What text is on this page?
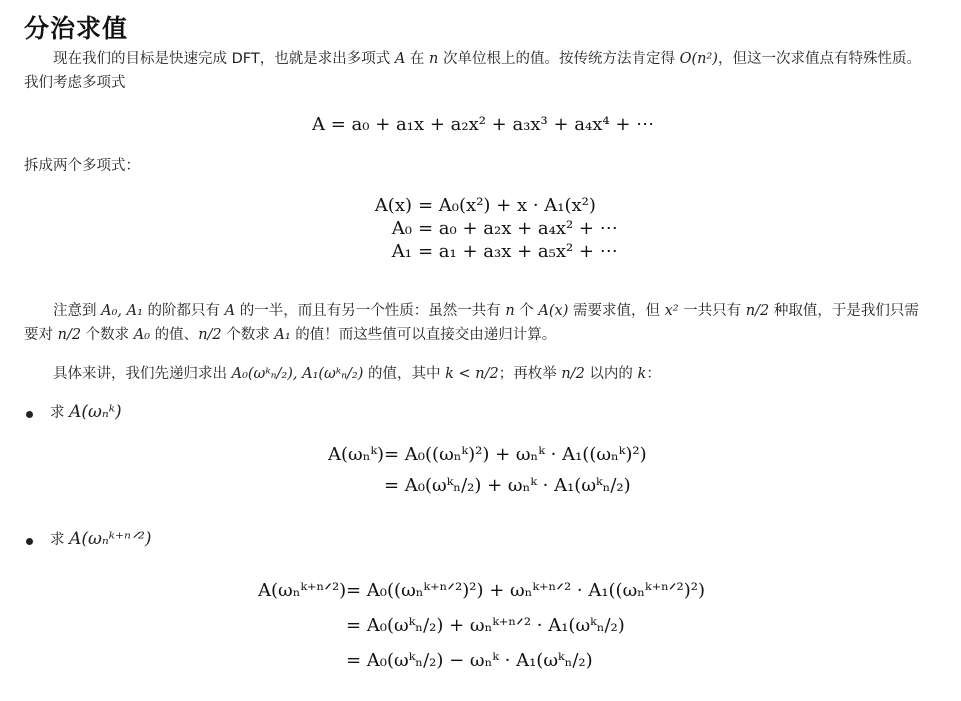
分治求值
现在我们的目标是快速完成 DFT，也就是求出多项式 A 在 n 次单位根上的值。按传统方法肯定得 O(n²)，但这一次求值点有特殊性质。我们考虑多项式
A = a₀ + a₁x + a₂x² + a₃x³ + a₄x⁴ + ⋯
拆成两个多项式：
A(x) = A₀(x²) + x · A₁(x²)
A₀ = a₀ + a₂x + a₄x² + ⋯
A₁ = a₁ + a₃x + a₅x² + ⋯
注意到 A₀, A₁ 的阶都只有 A 的一半，而且有另一个性质：虽然一共有 n 个 A(x) 需要求值，但 x² 一共只有 n/2 种取值，于是我们只需要对 n/2 个数求 A₀ 的值、n/2 个数求 A₁ 的值！而这些值可以直接交由递归计算。
具体来讲，我们先递归求出 A₀(ωᵏₙ/₂), A₁(ωᵏₙ/₂) 的值，其中 k < n/2；再枚举 n/2 以内的 k：
求 A(ωₙᵏ)
A(ωₙᵏ) = A₀((ωₙᵏ)²) + ωₙᵏ · A₁((ωₙᵏ)²)
= A₀(ωᵏₙ/₂) + ωₙᵏ · A₁(ωᵏₙ/₂)
求 A(ωₙᵏ⁺ⁿᐟ²)
A(ωₙᵏ⁺ⁿᐟ²) = A₀((ωₙᵏ⁺ⁿᐟ²)²) + ωₙᵏ⁺ⁿᐟ² · A₁((ωₙᵏ⁺ⁿᐟ²)²)
= A₀(ωᵏₙ/₂) + ωₙᵏ⁺ⁿᐟ² · A₁(ωᵏₙ/₂)
= A₀(ωᵏₙ/₂) − ωₙᵏ · A₁(ωᵏₙ/₂)
